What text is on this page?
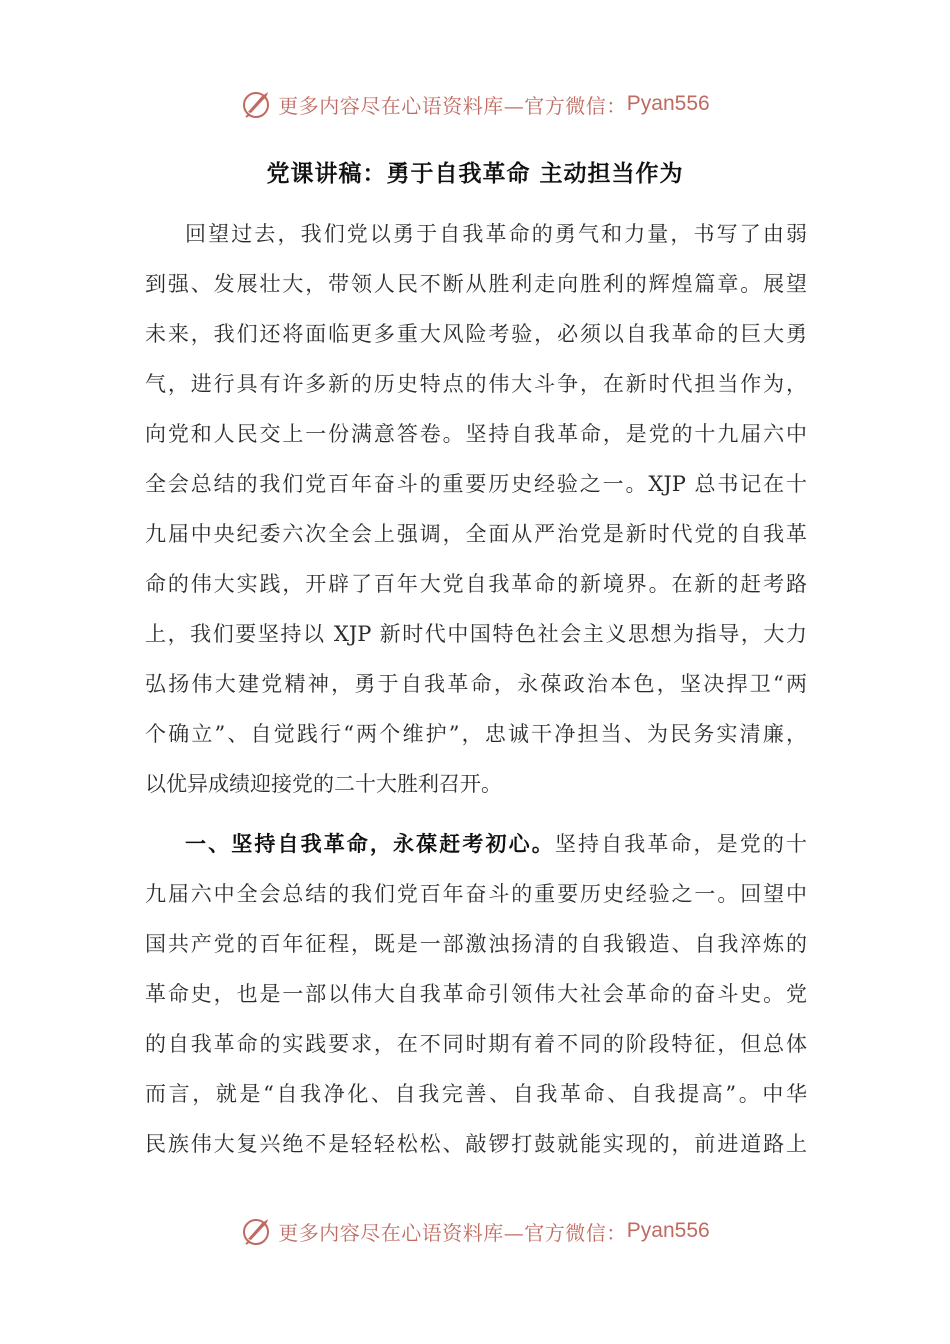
更多内容尽在心语资料库—官方微信： Pyan556
党课讲稿：勇于自我革命 主动担当作为
回望过去，我们党以勇于自我革命的勇气和力量，书写了由弱
到强、发展壮大，带领人民不断从胜利走向胜利的辉煌篇章。展望
未来，我们还将面临更多重大风险考验，必须以自我革命的巨大勇
气，进行具有许多新的历史特点的伟大斗争，在新时代担当作为，
向党和人民交上一份满意答卷。坚持自我革命，是党的十九届六中
全会总结的我们党百年奋斗的重要历史经验之一。XJP 总书记在十
九届中央纪委六次全会上强调，全面从严治党是新时代党的自我革
命的伟大实践，开辟了百年大党自我革命的新境界。在新的赶考路
上，我们要坚持以 XJP 新时代中国特色社会主义思想为指导，大力
弘扬伟大建党精神，勇于自我革命，永葆政治本色，坚决捍卫“两
个确立”、自觉践行“两个维护”，忠诚干净担当、为民务实清廉，
以优异成绩迎接党的二十大胜利召开。
一、坚持自我革命，永葆赶考初心。坚持自我革命，是党的十
九届六中全会总结的我们党百年奋斗的重要历史经验之一。回望中
国共产党的百年征程，既是一部激浊扬清的自我锻造、自我淬炼的
革命史，也是一部以伟大自我革命引领伟大社会革命的奋斗史。党
的自我革命的实践要求，在不同时期有着不同的阶段特征，但总体
而言，就是“自我净化、自我完善、自我革命、自我提高”。中华
民族伟大复兴绝不是轻轻松松、敲锣打鼓就能实现的，前进道路上
更多内容尽在心语资料库—官方微信： Pyan556
